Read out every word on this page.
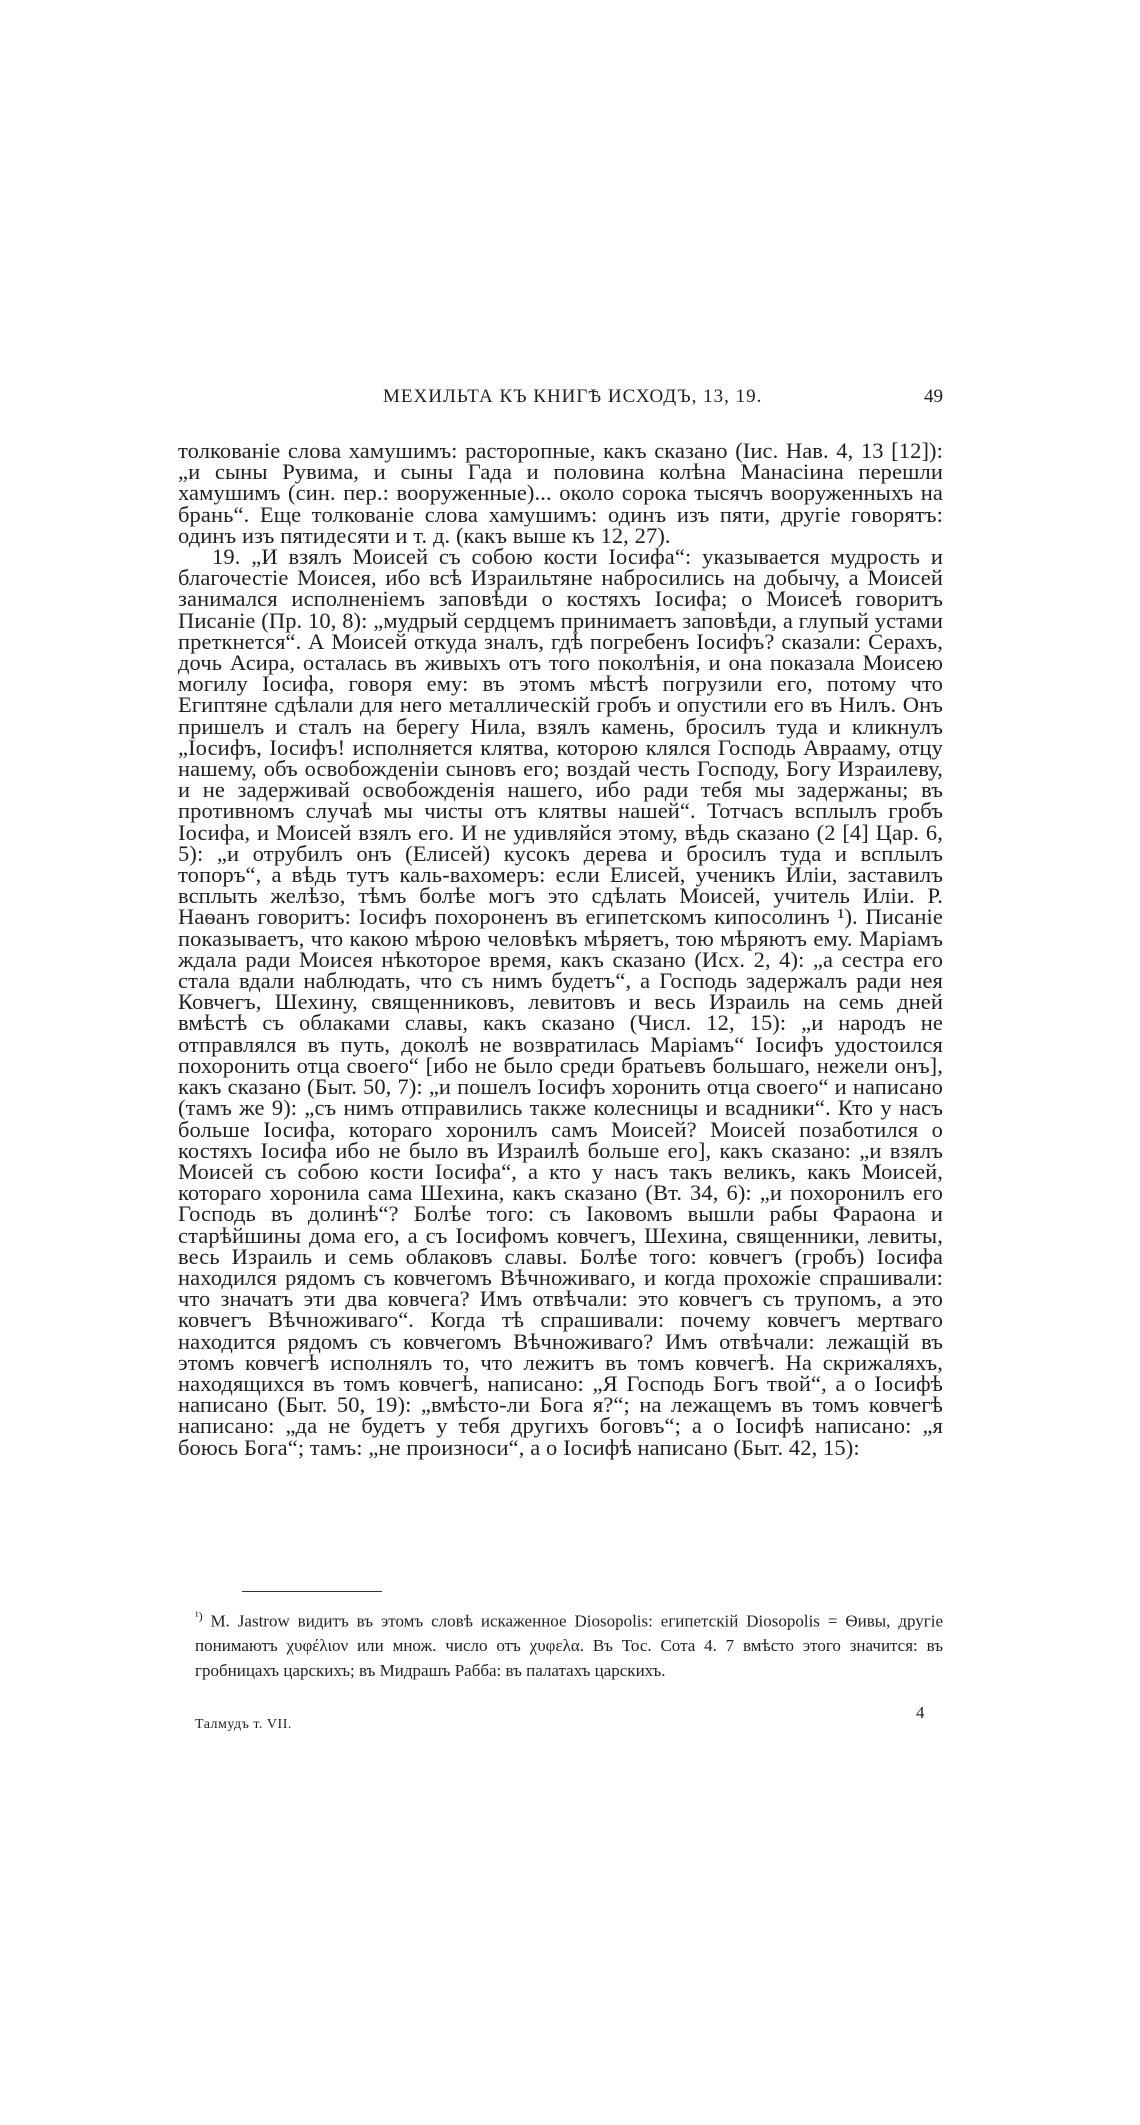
МЕХИЛЬТА КЪ КНИГѢ ИСХОДЪ, 13, 19.	49

толкованіе слова хамушимъ: расторопные, какъ сказано (Iис. Нав. 4, 13 [12]): „и сыны Рувима, и сыны Гада и половина колѣна Манасіина перешли хамушимъ (син. пер.: вооруженные)... около сорока тысячъ вооруженныхъ на брань“. Еще толкованіе слова хамушимъ: одинъ изъ пяти, другіе говорятъ: одинъ изъ пятидесяти и т. д. (какъ выше къ 12, 27).

19. „И взялъ Моисей съ собою кости Iосифа“: указывается мудрость и благочестіе Моисея, ибо всѣ Израильтяне набросились на добычу, а Моисей занимался исполненіемъ заповѣди о костяхъ Iосифа; о Моисеѣ говоритъ Писаніе (Пр. 10, 8): „мудрый сердцемъ принимаетъ заповѣди, а глупый устами преткнется“. А Моисей откуда зналъ, гдѣ погребенъ Iосифъ? сказали: Серахъ, дочь Асира, осталась въ живыхъ отъ того поколѣнія, и она показала Моисею могилу Iосифа, говоря ему: въ этомъ мѣстѣ погрузили его, потому что Египтяне сдѣлали для него металлическій гробъ и опустили его въ Нилъ. Онъ пришелъ и сталъ на берегу Нила, взялъ камень, бросилъ туда и кликнулъ „Iосифъ, Iосифъ! исполняется клятва, которою клялся Господь Аврааму, отцу нашему, объ освобожденіи сыновъ его; воздай честь Господу, Богу Израилеву, и не задерживай освобожденія нашего, ибо ради тебя мы задержаны; въ противномъ случаѣ мы чисты отъ клятвы нашей“. Тотчасъ всплылъ гробъ Iосифа, и Моисей взялъ его. И не удивляйся этому, вѣдь сказано (2 [4] Цар. 6, 5): „и отрубилъ онъ (Елисей) кусокъ дерева и бросилъ туда и всплылъ топоръ“, а вѣдь тутъ каль-вахомеръ: если Елисей, ученикъ Иліи, заставилъ всплыть желѣзо, тѣмъ болѣе могъ это сдѣлать Моисей, учитель Иліи. Р. Наѳанъ говоритъ: Iосифъ похороненъ въ египетскомъ кипосолинъ ¹). Писаніе показываетъ, что какою мѣрою человѣкъ мѣряетъ, тою мѣряютъ ему. Маріамъ ждала ради Моисея нѣкоторое время, какъ сказано (Исх. 2, 4): „а сестра его стала вдали наблюдать, что съ нимъ будетъ“, а Господь задержалъ ради нея Ковчегъ, Шехину, священниковъ, левитовъ и весь Израиль на семь дней вмѣстѣ съ облаками славы, какъ сказано (Числ. 12, 15): „и народъ не отправлялся въ путь, доколѣ не возвратилась Маріамъ“ Iосифъ удостоился похоронить отца своего“ [ибо не было среди братьевъ большаго, нежели онъ], какъ сказано (Быт. 50, 7): „и пошелъ Iосифъ хоронить отца своего“ и написано (тамъ же 9): „съ нимъ отправились также колесницы и всадники“. Кто у насъ больше Iосифа, котораго хоронилъ самъ Моисей? Моисей позаботился о костяхъ Iосифа ибо не было въ Израилѣ больше его], какъ сказано: „и взялъ Моисей съ собою кости Iосифа“, а кто у насъ такъ великъ, какъ Моисей, котораго хоронила сама Шехина, какъ сказано (Вт. 34, 6): „и похоронилъ его Господь въ долинѣ“? Болѣе того: съ Iаковомъ вышли рабы Фараона и старѣйшины дома его, а съ Iосифомъ ковчегъ, Шехина, священники, левиты, весь Израиль и семь облаковъ славы. Болѣе того: ковчегъ (гробъ) Iосифа находился рядомъ съ ковчегомъ Вѣчноживаго, и когда прохожіе спрашивали: что значатъ эти два ковчега? Имъ отвѣчали: это ковчегъ съ трупомъ, а это ковчегъ Вѣчноживаго“. Когда тѣ спрашивали: почему ковчегъ мертваго находится рядомъ съ ковчегомъ Вѣчноживаго? Имъ отвѣчали: лежащій въ этомъ ковчегѣ исполнялъ то, что лежитъ въ томъ ковчегѣ. На скрижаляхъ, находящихся въ томъ ковчегѣ, написано: „Я Господь Богъ твой“, а о Iосифѣ написано (Быт. 50, 19): „вмѣсто-ли Бога я?“; на лежащемъ въ томъ ковчегѣ написано: „да не будетъ у тебя другихъ боговъ“; а о Iосифѣ написано: „я боюсь Бога“; тамъ: „не произноси“, а о Iосифѣ написано (Быт. 42, 15):

$^{^1)}$ M. Jastrow видитъ въ этомъ словѣ искаженное Diosopolis: египетскій Diosopolis = Ѳивы, другіе понимаютъ χυφέλιον или множ. число отъ χυφελα. Въ Тос. Сота 4. 7 вмѣсто этого значится: въ гробницахъ царскихъ; въ Мидрашъ Рабба: въ палатахъ царскихъ.
Талмудъ т. VII.
4
